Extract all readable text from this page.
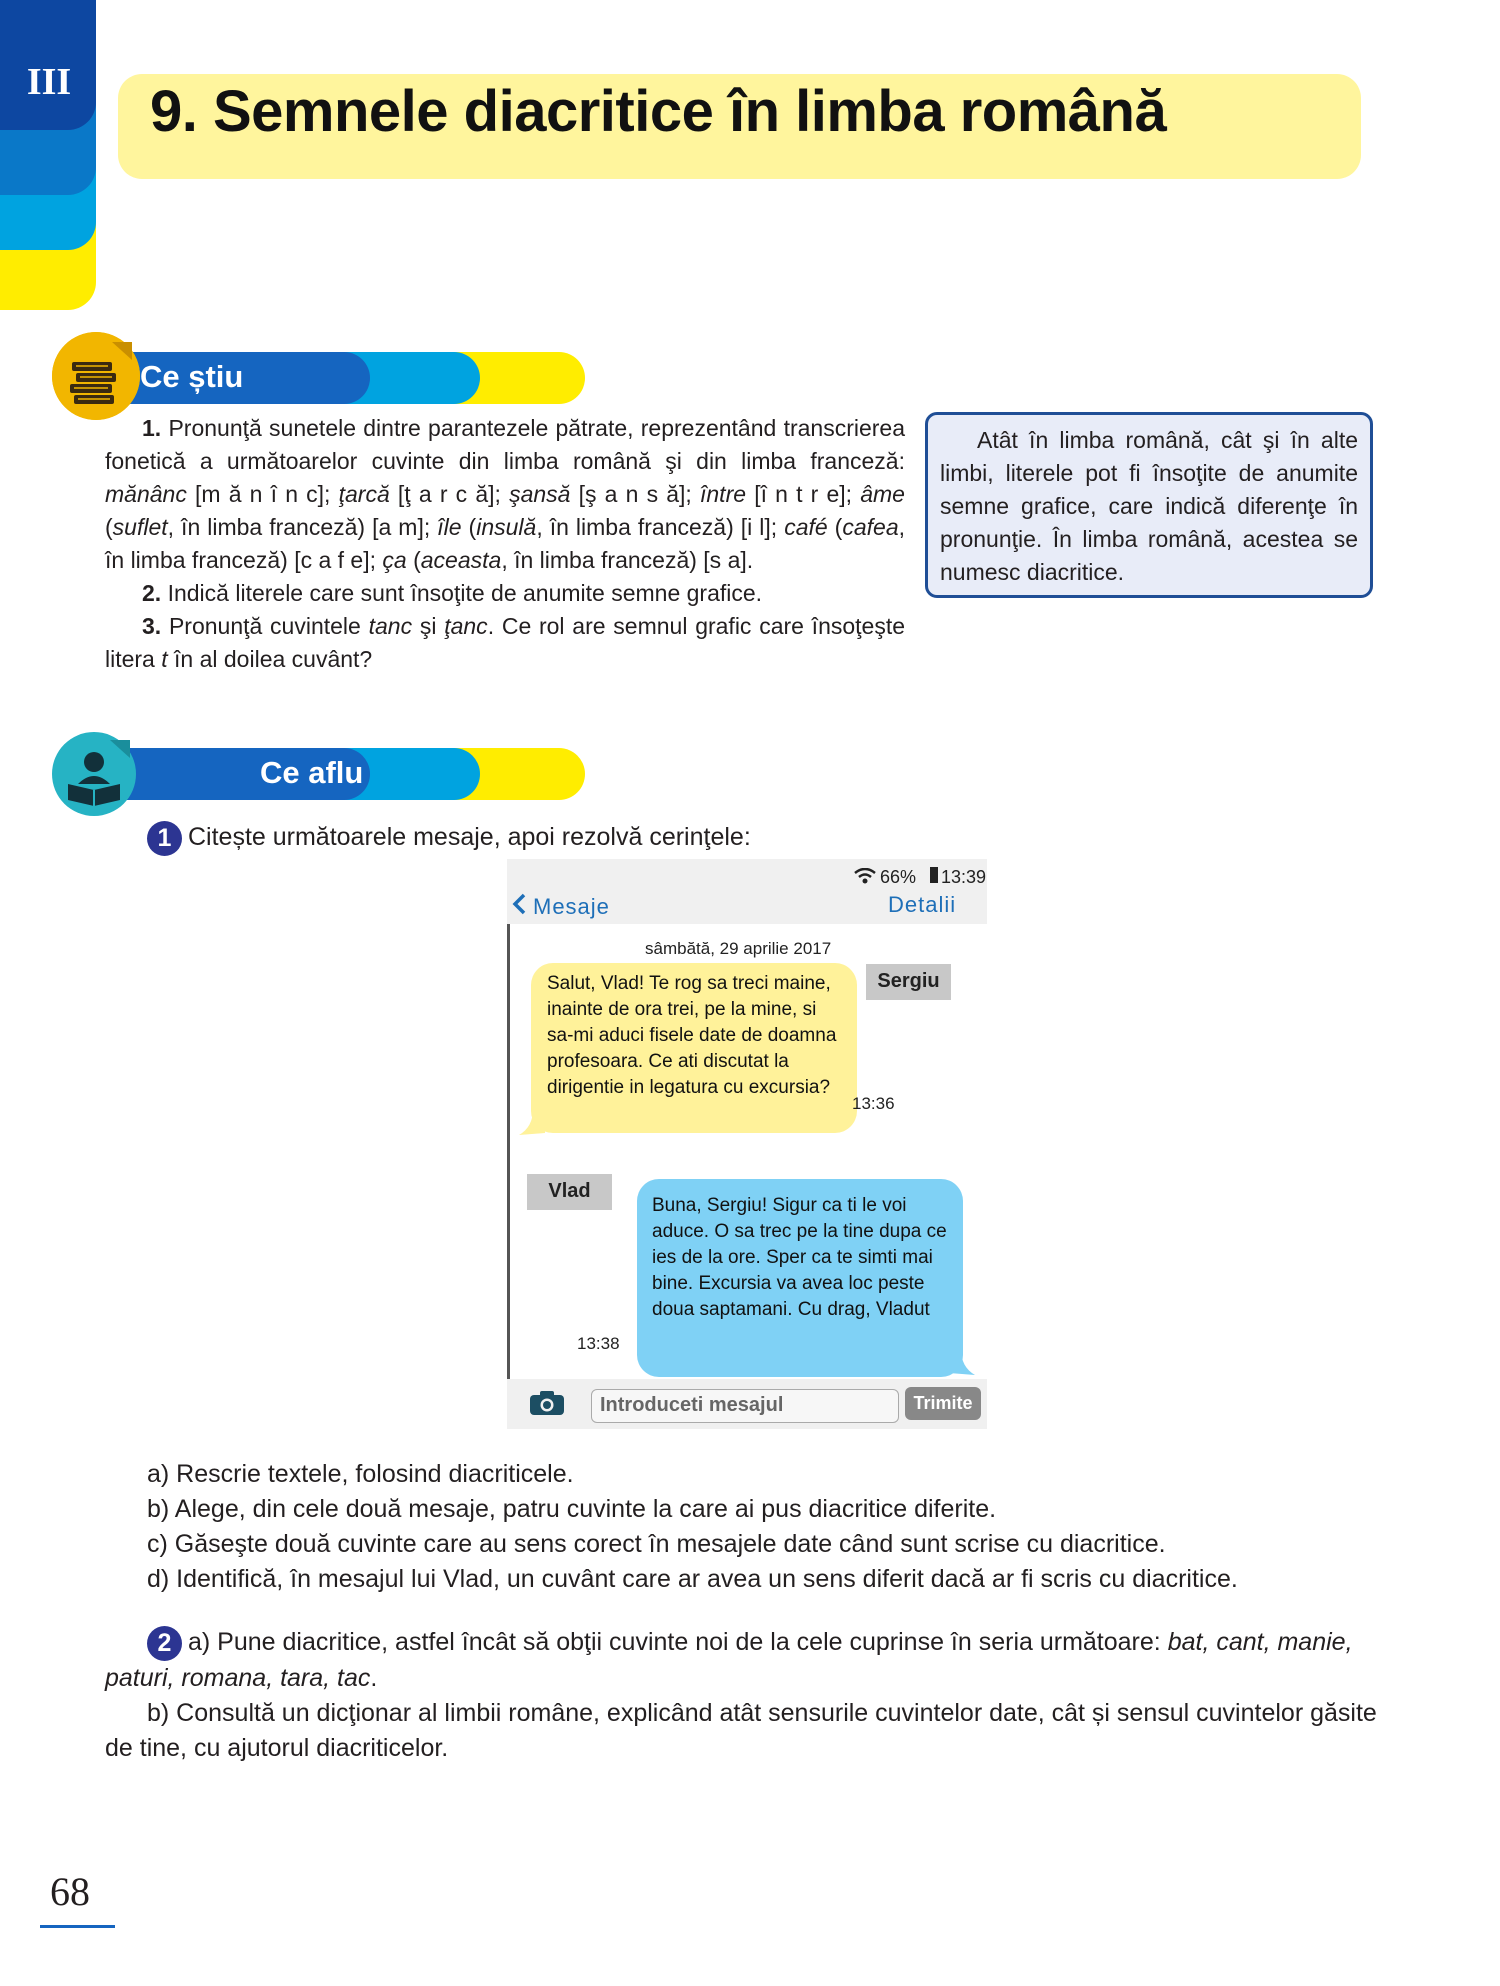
III	9. Semnele diacritice în limba română
Ce știu

1. Pronunţă sunetele dintre parantezele pătrate, reprezentând transcrierea fonetică a următoarelor cuvinte din limba română şi din limba franceză: mănânc [m ă n î n c]; ţarcă [ţ a r c ă]; şansă [ş a n s ă]; între [î n t r e]; âme (suflet, în limba franceză) [a m]; île (insulă, în limba franceză) [i l]; café (cafea, în limba franceză) [c a f e]; ça (aceasta, în limba franceză) [s a].

2. Indică literele care sunt însoţite de anumite semne grafice.

3. Pronunţă cuvintele tanc şi ţanc. Ce rol are semnul grafic care însoţeşte litera t în al doilea cuvânt?

Atât în limba română, cât şi în alte limbi, literele pot fi însoţite de anumite semne grafice, care indică diferenţe în pronunţie. În limba română, acestea se numesc diacritice.

Ce aflu
1 Citește următoarele mesaje, apoi rezolvă cerinţele:
66% 13:39
Mesaje	Detalii
sâmbătă, 29 aprilie 2017
Sergiu
Salut, Vlad! Te rog sa treci maine, inainte de ora trei, pe la mine, si sa-mi aduci fisele date de doamna profesoara. Ce ati discutat la dirigentie in legatura cu excursia?
13:36
Vlad
Buna, Sergiu! Sigur ca ti le voi aduce. O sa trec pe la tine dupa ce ies de la ore. Sper ca te simti mai bine. Excursia va avea loc peste doua saptamani. Cu drag, Vladut
13:38
Introduceti mesajul	Trimite
a) Rescrie textele, folosind diacriticele.
b) Alege, din cele două mesaje, patru cuvinte la care ai pus diacritice diferite.
c) Găseşte două cuvinte care au sens corect în mesajele date când sunt scrise cu diacritice.
d) Identifică, în mesajul lui Vlad, un cuvânt care ar avea un sens diferit dacă ar fi scris cu diacritice.
2 a) Pune diacritice, astfel încât să obţii cuvinte noi de la cele cuprinse în seria următoare: bat, cant, manie, paturi, romana, tara, tac.
b) Consultă un dicţionar al limbii române, explicând atât sensurile cuvintelor date, cât și sensul cuvintelor găsite de tine, cu ajutorul diacriticelor.
68
